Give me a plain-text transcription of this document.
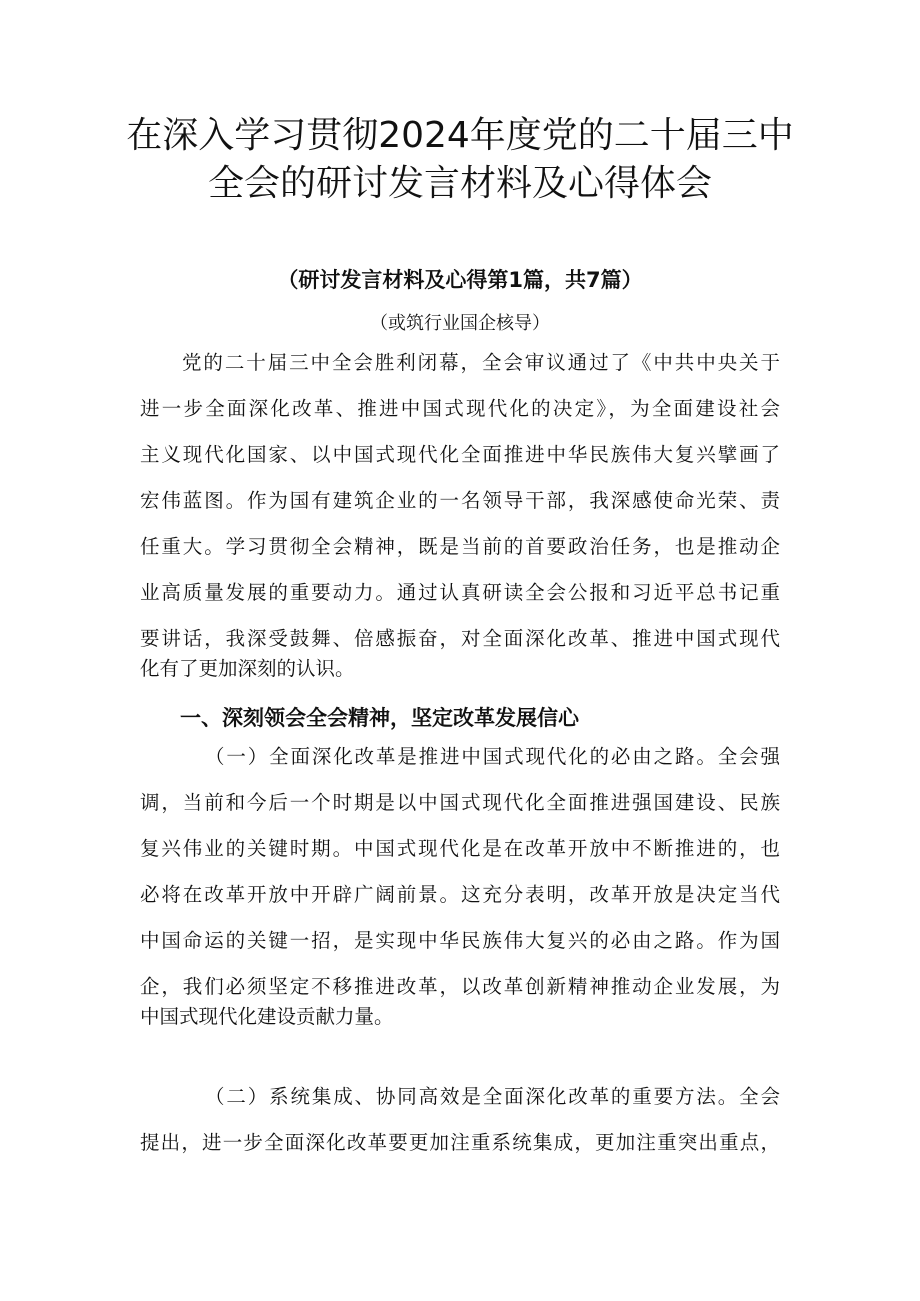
在深入学习贯彻2024年度党的二十届三中
全会的研讨发言材料及心得体会
（研讨发言材料及心得第1篇，共7篇）
（或筑行业国企核导）
党的二十届三中全会胜利闭幕，全会审议通过了《中共中央关于
进一步全面深化改革、推进中国式现代化的决定》，为全面建设社会
主义现代化国家、以中国式现代化全面推进中华民族伟大复兴擘画了
宏伟蓝图。作为国有建筑企业的一名领导干部，我深感使命光荣、责
任重大。学习贯彻全会精神，既是当前的首要政治任务，也是推动企
业高质量发展的重要动力。通过认真研读全会公报和习近平总书记重
要讲话，我深受鼓舞、倍感振奋，对全面深化改革、推进中国式现代
化有了更加深刻的认识。
一、深刻领会全会精神，坚定改革发展信心
（一）全面深化改革是推进中国式现代化的必由之路。全会强
调，当前和今后一个时期是以中国式现代化全面推进强国建设、民族
复兴伟业的关键时期。中国式现代化是在改革开放中不断推进的，也
必将在改革开放中开辟广阔前景。这充分表明，改革开放是决定当代
中国命运的关键一招，是实现中华民族伟大复兴的必由之路。作为国
企，我们必须坚定不移推进改革，以改革创新精神推动企业发展，为
中国式现代化建设贡献力量。
（二）系统集成、协同高效是全面深化改革的重要方法。全会
提出，进一步全面深化改革要更加注重系统集成，更加注重突出重点，
